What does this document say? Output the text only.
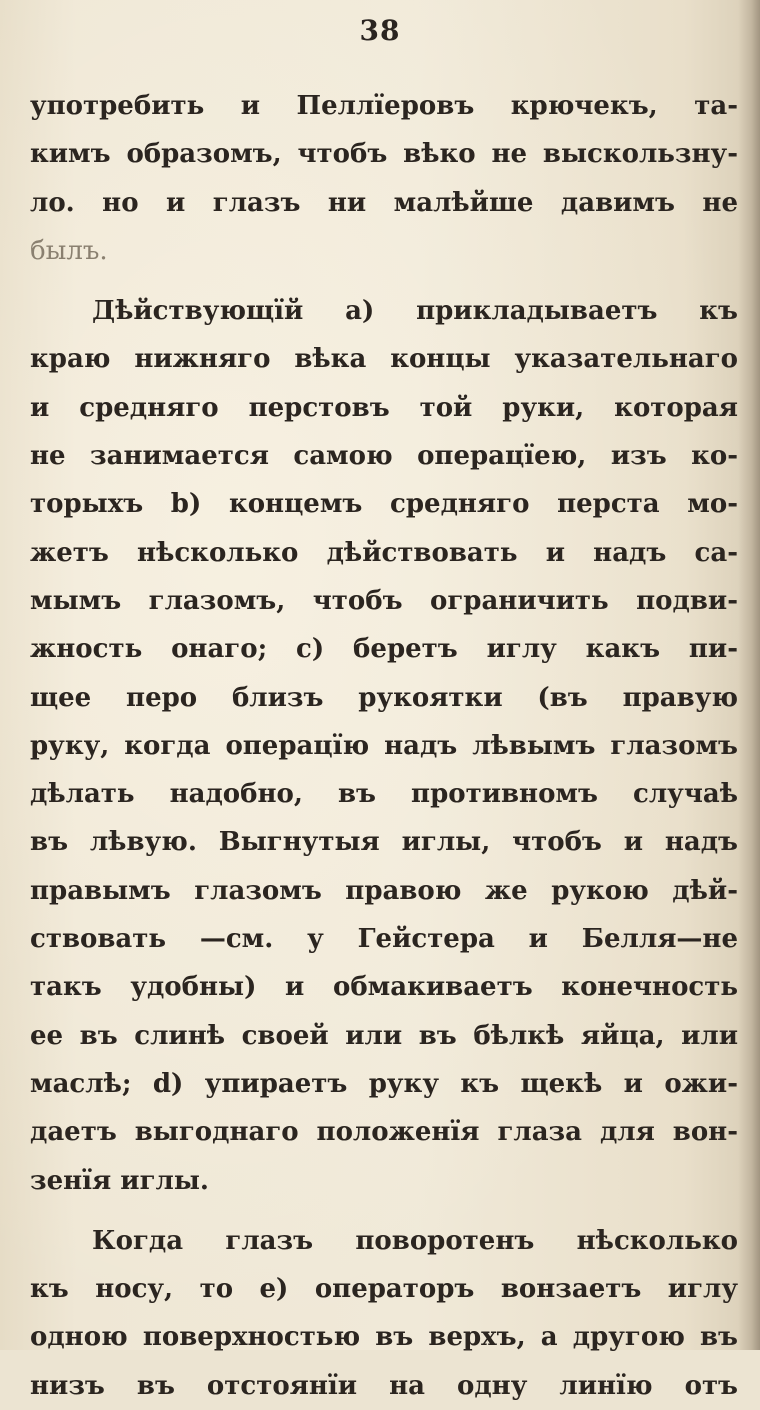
38
употребить и Пеллїеровъ крючекъ, та-
кимъ образомъ, чтобъ вѣко не выскользну-
ло. но и глазъ ни малѣйше давимъ не
былъ.
Дѣйствующїй a) прикладываетъ къ
краю нижняго вѣка концы указательнаго
и средняго перстовъ той руки, которая
не занимается самою операцїею, изъ ко-
торыхъ b) концемъ средняго перста мо-
жетъ нѣсколько дѣйствовать и надъ са-
мымъ глазомъ, чтобъ ограничить подви-
жность онаго; c) беретъ иглу какъ пи-
щее перо близъ рукоятки (въ правую
руку, когда операцїю надъ лѣвымъ глазомъ
дѣлать надобно, въ противномъ случаѣ
въ лѣвую. Выгнутыя иглы, чтобъ и надъ
правымъ глазомъ правою же рукою дѣй-
ствовать —см. у Гейстера и Белля—не
такъ удобны) и обмакиваетъ конечность
ее въ слинѣ своей или въ бѣлкѣ яйца, или
маслѣ; d) упираетъ руку къ щекѣ и ожи-
даетъ выгоднаго положенїя глаза для вон-
зенїя иглы.
Когда глазъ поворотенъ нѣсколько
къ носу, то e) операторъ вонзаетъ иглу
одною поверхностью въ верхъ, а другою въ
низъ въ отстоянїи на одну линїю отъ
